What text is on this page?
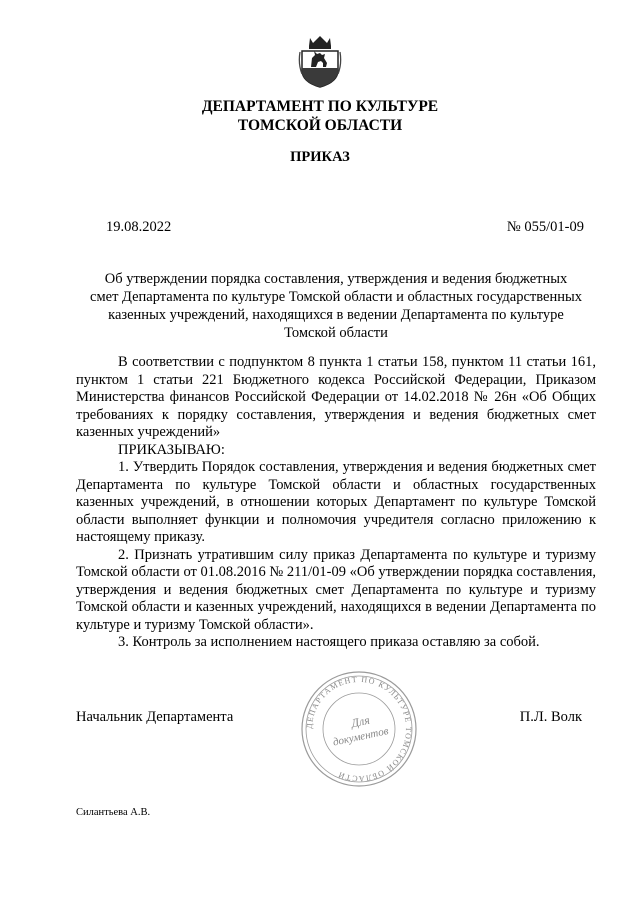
ДЕПАРТАМЕНТ ПО КУЛЬТУРЕ
ТОМСКОЙ ОБЛАСТИ
ПРИКАЗ
19.08.2022	№ 055/01-09
Об утверждении порядка составления, утверждения и ведения бюджетных
смет Департамента по культуре Томской области и областных государственных
казенных учреждений, находящихся в ведении Департамента по культуре
Томской области

В соответствии с подпунктом 8 пункта 1 статьи 158, пунктом 11 статьи 161, пунктом 1 статьи 221 Бюджетного кодекса Российской Федерации, Приказом Министерства финансов Российской Федерации от 14.02.2018 № 26н «Об Общих требованиях к порядку составления, утверждения и ведения бюджетных смет казенных учреждений»

ПРИКАЗЫВАЮ:

1. Утвердить Порядок составления, утверждения и ведения бюджетных смет Департамента по культуре Томской области и областных государственных казенных учреждений, в отношении которых Департамент по культуре Томской области выполняет функции и полномочия учредителя согласно приложению к настоящему приказу.

2. Признать утратившим силу приказ Департамента по культуре и туризму Томской области от 01.08.2016 № 211/01-09 «Об утверждении порядка составления, утверждения и ведения бюджетных смет Департамента по культуре и туризму Томской области и казенных учреждений, находящихся в ведении Департамента по культуре и туризму Томской области».

3. Контроль за исполнением настоящего приказа оставляю за собой.

Начальник Департамента	П.Л. Волк
ДЕПАРТАМЕНТ ПО КУЛЬТУРЕ ТОМСКОЙ ОБЛАСТИ
Для
документов
Силантьева А.В.
